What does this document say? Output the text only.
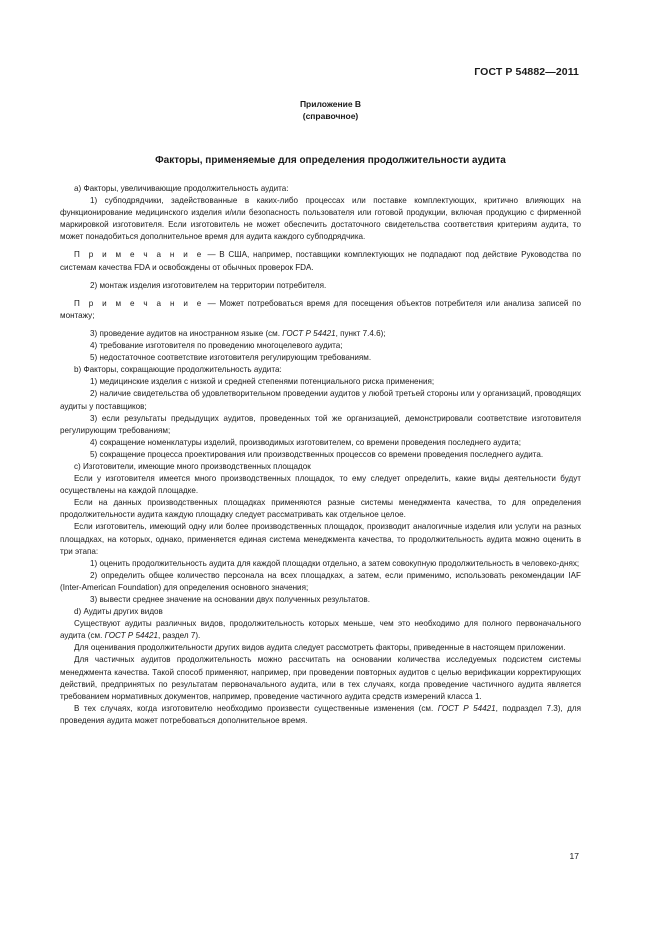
ГОСТ Р 54882—2011
Приложение В
(справочное)
Факторы, применяемые для определения продолжительности аудита

а) Факторы, увеличивающие продолжительность аудита:

1) субподрядчики, задействованные в каких-либо процессах или поставке комплектующих, критично влияющих на функционирование медицинского изделия и/или безопасность пользователя или готовой продукции, включая продукцию с фирменной маркировкой изготовителя. Если изготовитель не может обеспечить достаточного свидетельства соответствия критериям аудита, то может понадобиться дополнительное время для аудита каждого субподрядчика.

П р и м е ч а н и е — В США, например, поставщики комплектующих не подпадают под действие Руководства по системам качества FDA и освобождены от обычных проверок FDA.

2) монтаж изделия изготовителем на территории потребителя.

П р и м е ч а н и е — Может потребоваться время для посещения объектов потребителя или анализа записей по монтажу;

3) проведение аудитов на иностранном языке (см. ГОСТ Р 54421, пункт 7.4.6);

4) требование изготовителя по проведению многоцелевого аудита;

5) недостаточное соответствие изготовителя регулирующим требованиям.

b) Факторы, сокращающие продолжительность аудита:

1) медицинские изделия с низкой и средней степенями потенциального риска применения;

2) наличие свидетельства об удовлетворительном проведении аудитов у любой третьей стороны или у организаций, проводящих аудиты у поставщиков;

3) если результаты предыдущих аудитов, проведенных той же организацией, демонстрировали соответствие изготовителя регулирующим требованиям;

4) сокращение номенклатуры изделий, производимых изготовителем, со времени проведения последнего аудита;

5) сокращение процесса проектирования или производственных процессов со времени проведения последнего аудита.

c) Изготовители, имеющие много производственных площадок

Если у изготовителя имеется много производственных площадок, то ему следует определить, какие виды деятельности будут осуществлены на каждой площадке.

Если на данных производственных площадках применяются разные системы менеджмента качества, то для определения продолжительности аудита каждую площадку следует рассматривать как отдельное целое.

Если изготовитель, имеющий одну или более производственных площадок, производит аналогичные изделия или услуги на разных площадках, на которых, однако, применяется единая система менеджмента качества, то продолжительность аудита можно оценить в три этапа:

1) оценить продолжительность аудита для каждой площадки отдельно, а затем совокупную продолжительность в человеко-днях;

2) определить общее количество персонала на всех площадках, а затем, если применимо, использовать рекомендации IAF (Inter-American Foundation) для определения основного значения;

3) вывести среднее значение на основании двух полученных результатов.

d) Аудиты других видов

Существуют аудиты различных видов, продолжительность которых меньше, чем это необходимо для полного первоначального аудита (см. ГОСТ Р 54421, раздел 7).

Для оценивания продолжительности других видов аудита следует рассмотреть факторы, приведенные в настоящем приложении.

Для частичных аудитов продолжительность можно рассчитать на основании количества исследуемых подсистем системы менеджмента качества. Такой способ применяют, например, при проведении повторных аудитов с целью верификации корректирующих действий, предпринятых по результатам первоначального аудита, или в тех случаях, когда проведение частичного аудита является требованием нормативных документов, например, проведение частичного аудита средств измерений класса 1.

В тех случаях, когда изготовителю необходимо произвести существенные изменения (см. ГОСТ Р 54421, подраздел 7.3), для проведения аудита может потребоваться дополнительное время.

17
